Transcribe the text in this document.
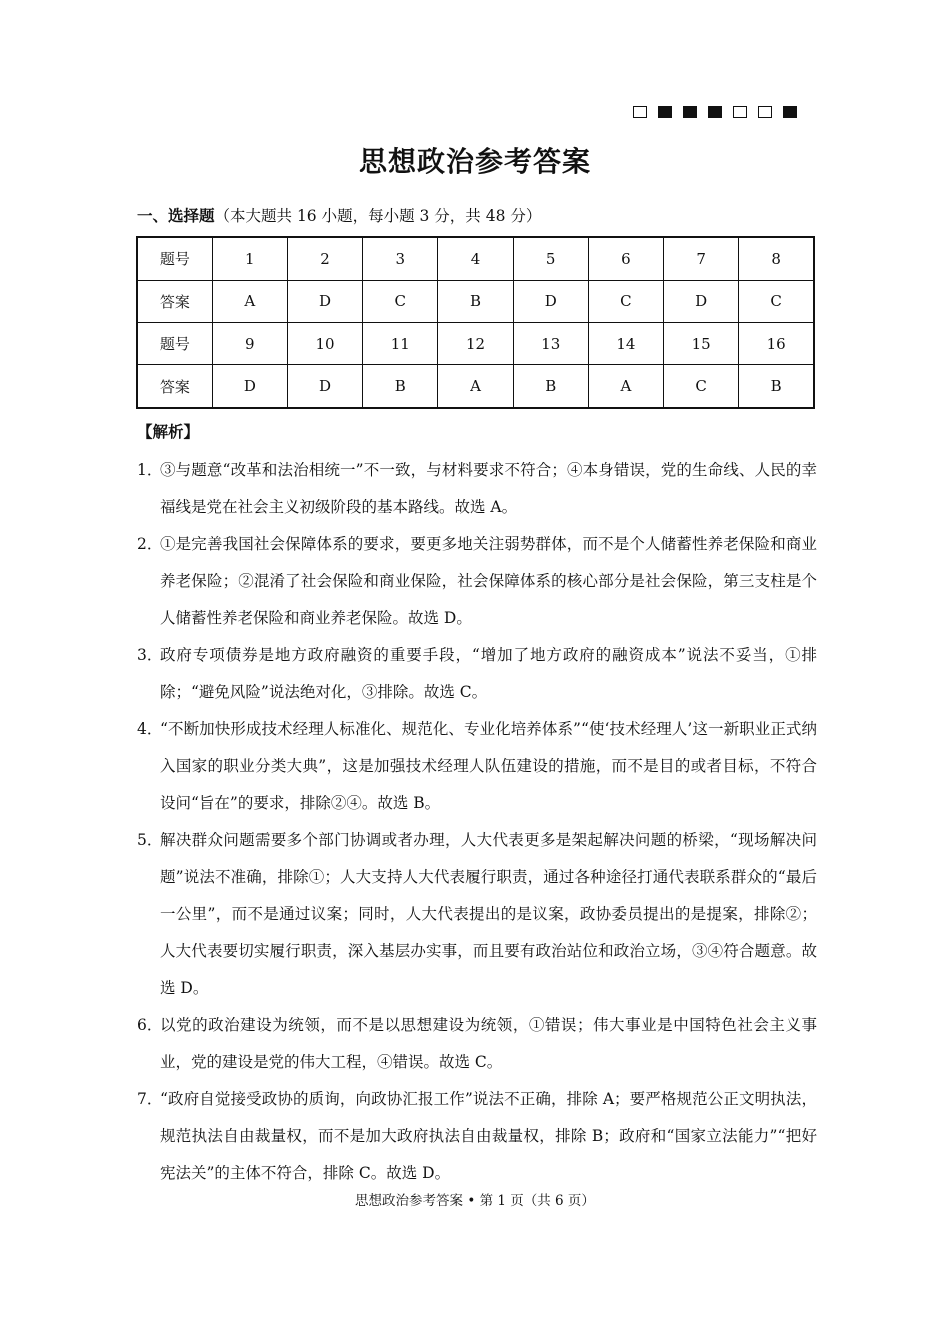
思想政治参考答案
一、选择题（本大题共 16 小题，每小题 3 分，共 48 分）
题号	1	2	3	4	5	6	7	8
答案	A	D	C	B	D	C	D	C
题号	9	10	11	12	13	14	15	16
答案	D	D	B	A	B	A	C	B
【解析】
1．
③与题意“改革和法治相统一”不一致，与材料要求不符合；④本身错误，党的生命线、人民的幸福线是党在社会主义初级阶段的基本路线。故选 A。
2．
①是完善我国社会保障体系的要求，要更多地关注弱势群体，而不是个人储蓄性养老保险和商业养老保险；②混淆了社会保险和商业保险，社会保障体系的核心部分是社会保险，第三支柱是个人储蓄性养老保险和商业养老保险。故选 D。
3．
政府专项债券是地方政府融资的重要手段，“增加了地方政府的融资成本”说法不妥当，①排除；“避免风险”说法绝对化，③排除。故选 C。
4．
“不断加快形成技术经理人标准化、规范化、专业化培养体系”“使‘技术经理人’这一新职业正式纳入国家的职业分类大典”，这是加强技术经理人队伍建设的措施，而不是目的或者目标，不符合设问“旨在”的要求，排除②④。故选 B。
5．
解决群众问题需要多个部门协调或者办理，人大代表更多是架起解决问题的桥梁，“现场解决问题”说法不准确，排除①；人大支持人大代表履行职责，通过各种途径打通代表联系群众的“最后一公里”，而不是通过议案；同时，人大代表提出的是议案，政协委员提出的是提案，排除②；人大代表要切实履行职责，深入基层办实事，而且要有政治站位和政治立场，③④符合题意。故选 D。
6．
以党的政治建设为统领，而不是以思想建设为统领，①错误；伟大事业是中国特色社会主义事业，党的建设是党的伟大工程，④错误。故选 C。
7．
“政府自觉接受政协的质询，向政协汇报工作”说法不正确，排除 A；要严格规范公正文明执法，规范执法自由裁量权，而不是加大政府执法自由裁量权，排除 B；政府和“国家立法能力”“把好宪法关”的主体不符合，排除 C。故选 D。
思想政治参考答案 • 第 1 页（共 6 页）
